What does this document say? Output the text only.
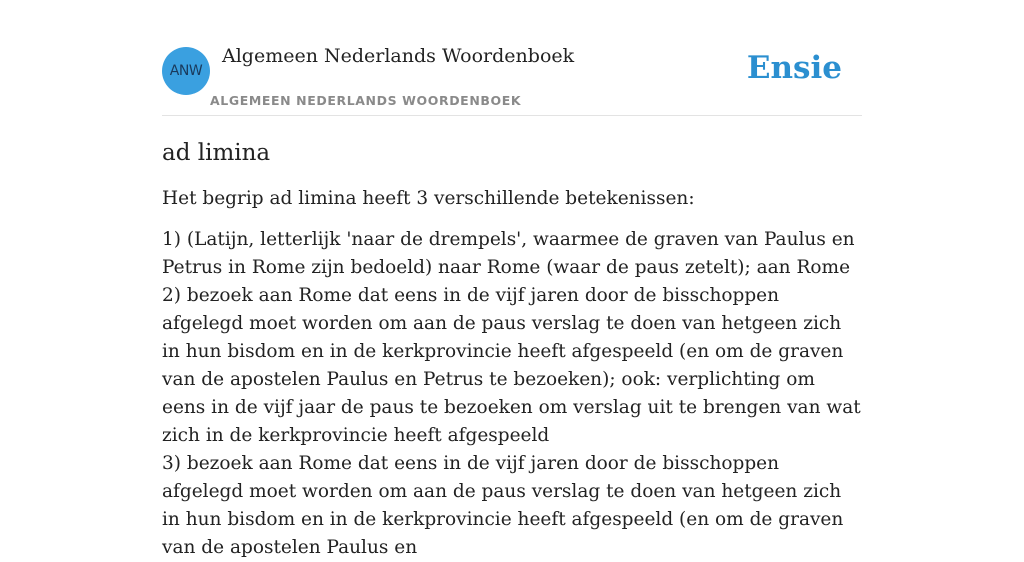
ANW
Algemeen Nederlands Woordenboek
ALGEMEEN NEDERLANDS WOORDENBOEK
Ensie
ad limina

Het begrip ad limina heeft 3 verschillende betekenissen:

1) (Latijn, letterlijk 'naar de drempels', waarmee de graven van Paulus en Petrus in Rome zijn bedoeld) naar Rome (waar de paus zetelt); aan Rome
2) bezoek aan Rome dat eens in de vijf jaren door de bisschoppen afgelegd moet worden om aan de paus verslag te doen van hetgeen zich in hun bisdom en in de kerkprovincie heeft afgespeeld (en om de graven van de apostelen Paulus en Petrus te bezoeken); ook: verplichting om eens in de vijf jaar de paus te bezoeken om verslag uit te brengen van wat zich in de kerkprovincie heeft afgespeeld
3) bezoek aan Rome dat eens in de vijf jaren door de bisschoppen afgelegd moet worden om aan de paus verslag te doen van hetgeen zich in hun bisdom en in de kerkprovincie heeft afgespeeld (en om de graven van de apostelen Paulus en
